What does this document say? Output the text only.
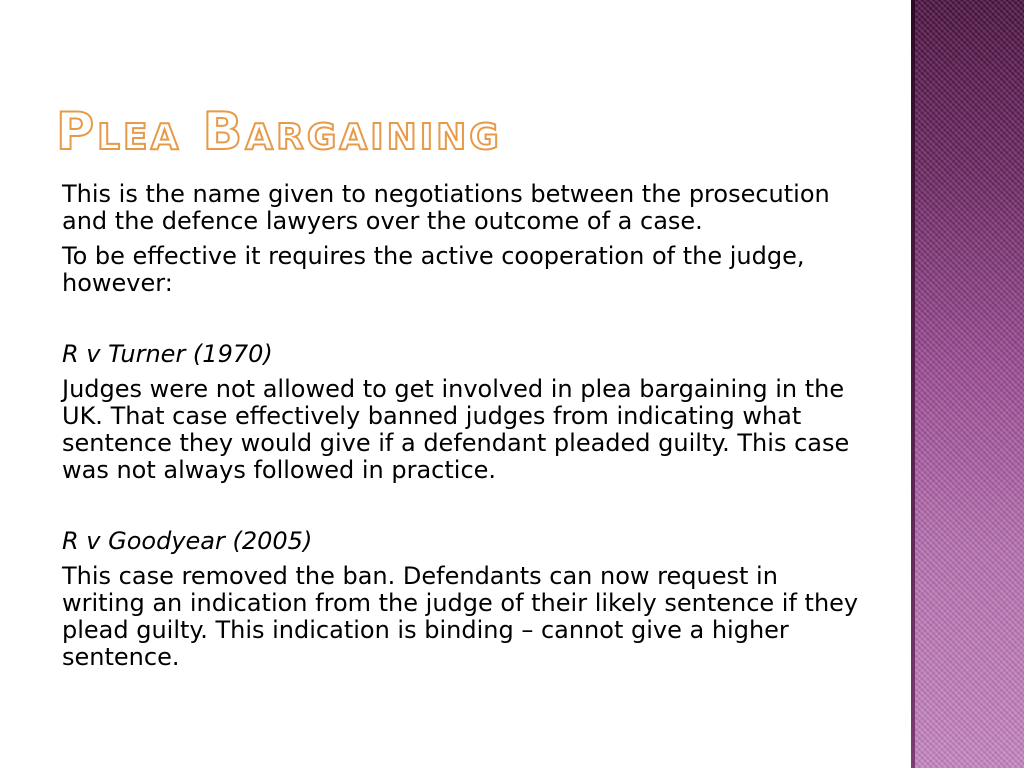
Plea Bargaining

This is the name given to negotiations between the prosecution and the defence lawyers over the outcome of a case.

To be effective it requires the active cooperation of the judge, however:

R v Turner (1970)

Judges were not allowed to get involved in plea bargaining in the UK. That case effectively banned judges from indicating what sentence they would give if a defendant pleaded guilty. This case was not always followed in practice.

R v Goodyear (2005)

This case removed the ban. Defendants can now request in writing an indication from the judge of their likely sentence if they plead guilty. This indication is binding – cannot give a higher sentence.
